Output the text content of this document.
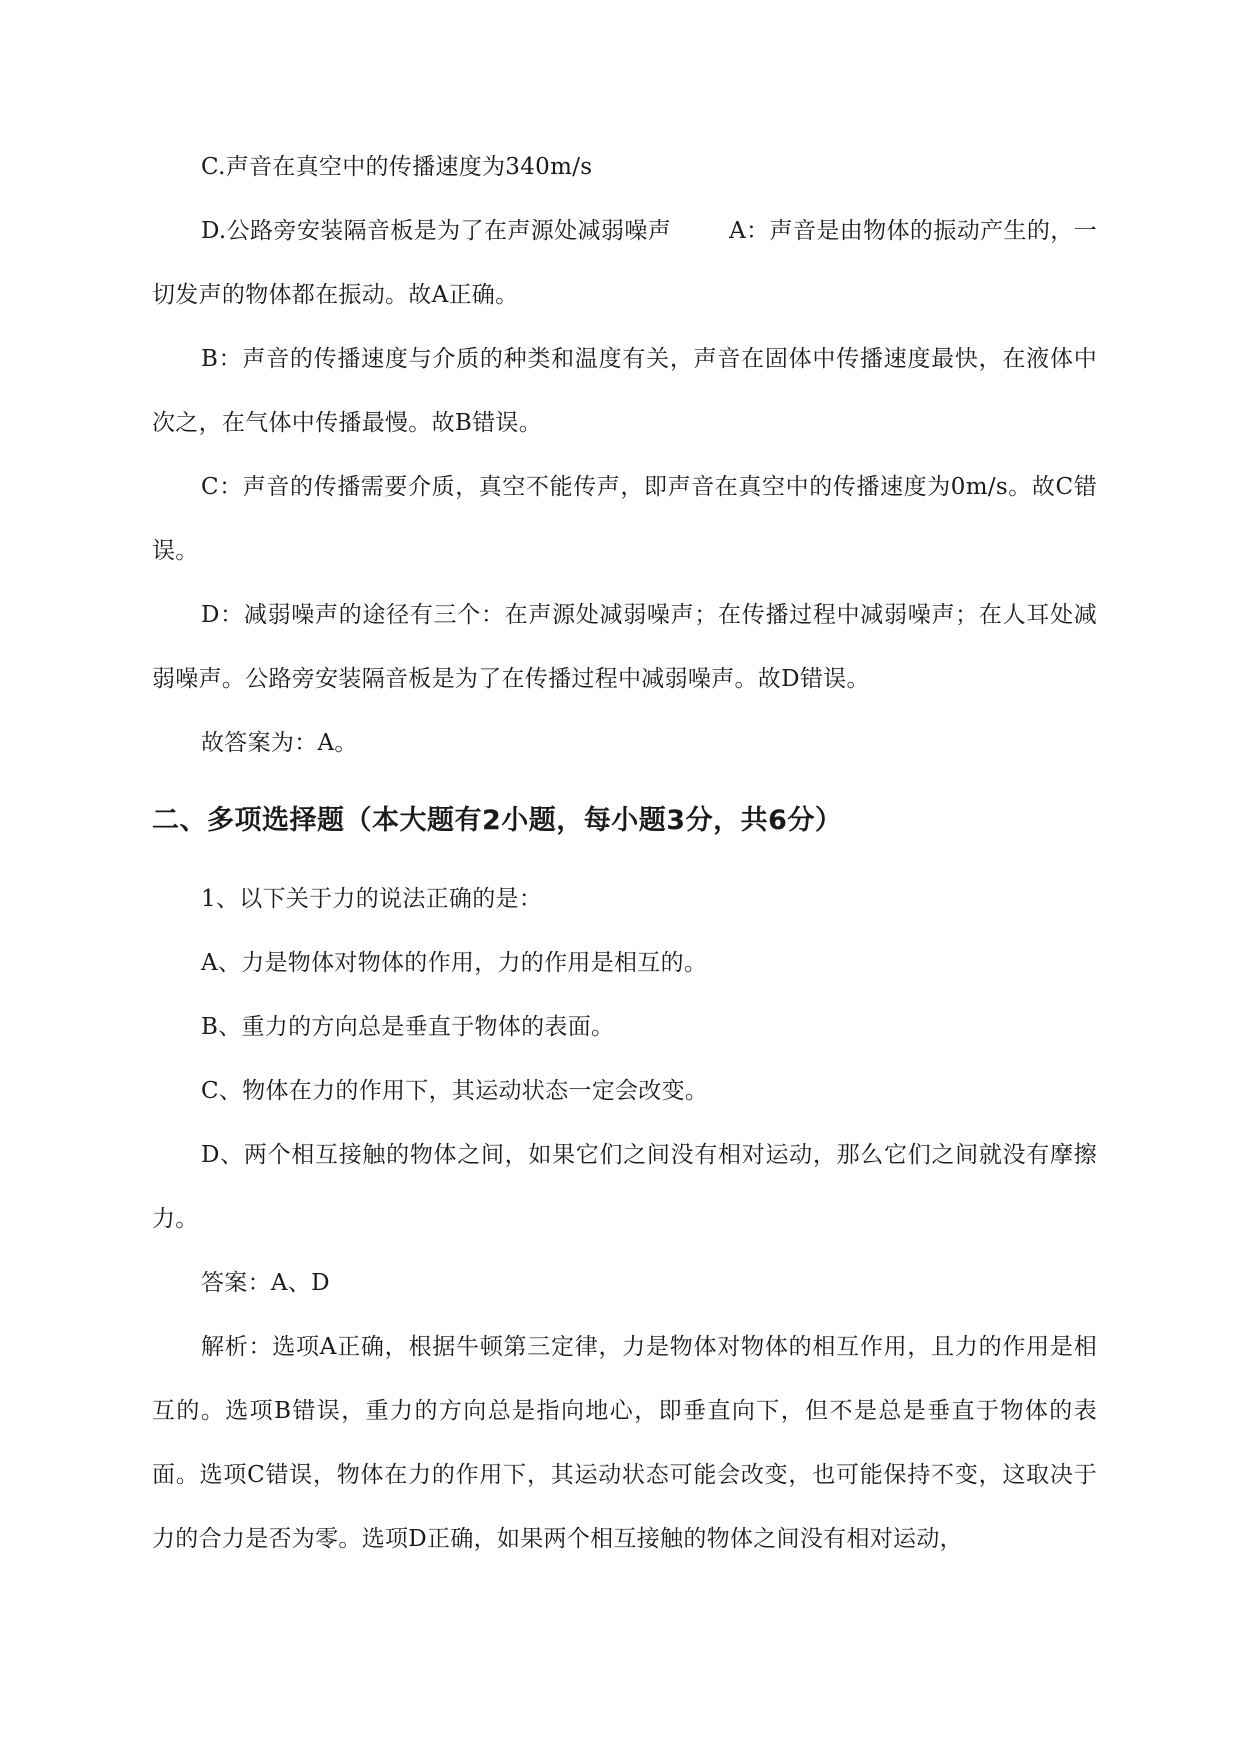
C.声音在真空中的传播速度为340m/s

D.公路旁安装隔音板是为了在声源处减弱噪声	A：声音是由物体的振动产生的，一切发声的物体都在振动。故A正确。

B：声音的传播速度与介质的种类和温度有关，声音在固体中传播速度最快，在液体中次之，在气体中传播最慢。故B错误。

C：声音的传播需要介质，真空不能传声，即声音在真空中的传播速度为0m/s。故C错误。

D：减弱噪声的途径有三个：在声源处减弱噪声；在传播过程中减弱噪声；在人耳处减弱噪声。公路旁安装隔音板是为了在传播过程中减弱噪声。故D错误。

故答案为：A。

二、多项选择题（本大题有2小题，每小题3分，共6分）

1、以下关于力的说法正确的是：

A、力是物体对物体的作用，力的作用是相互的。

B、重力的方向总是垂直于物体的表面。

C、物体在力的作用下，其运动状态一定会改变。

D、两个相互接触的物体之间，如果它们之间没有相对运动，那么它们之间就没有摩擦力。

答案：A、D

解析：选项A正确，根据牛顿第三定律，力是物体对物体的相互作用，且力的作用是相互的。选项B错误，重力的方向总是指向地心，即垂直向下，但不是总是垂直于物体的表面。选项C错误，物体在力的作用下，其运动状态可能会改变，也可能保持不变，这取决于力的合力是否为零。选项D正确，如果两个相互接触的物体之间没有相对运动，
